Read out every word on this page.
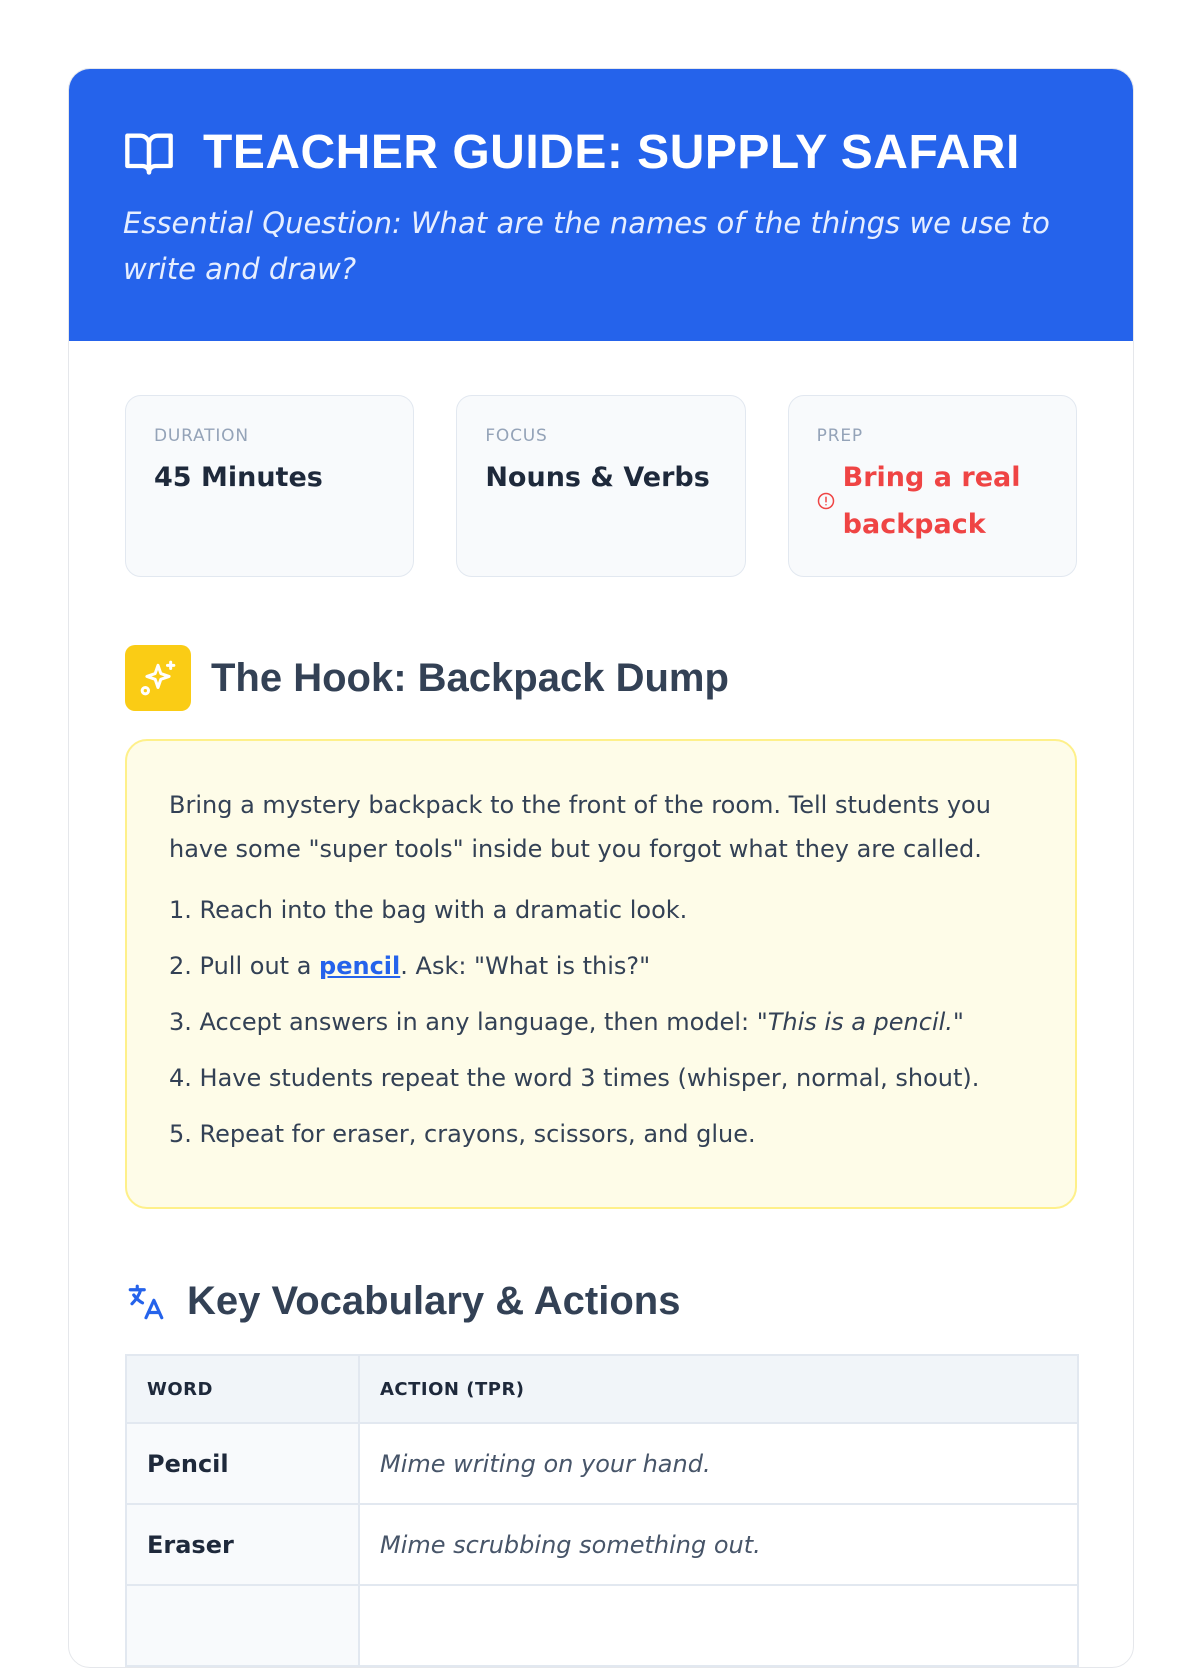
TEACHER GUIDE: SUPPLY SAFARI

Essential Question: What are the names of the things we use to write and draw?

DURATION
45 Minutes
FOCUS
Nouns & Verbs
PREP
Bring a real backpack
The Hook: Backpack Dump

Bring a mystery backpack to the front of the room. Tell students you have some "super tools" inside but you forgot what they are called.

1. Reach into the bag with a dramatic look.
2. Pull out a pencil. Ask: "What is this?"
3. Accept answers in any language, then model: "This is a pencil."
4. Have students repeat the word 3 times (whisper, normal, shout).
5. Repeat for eraser, crayons, scissors, and glue.
Key Vocabulary & Actions
WORD	ACTION (TPR)
Pencil	Mime writing on your hand.
Eraser	Mime scrubbing something out.
